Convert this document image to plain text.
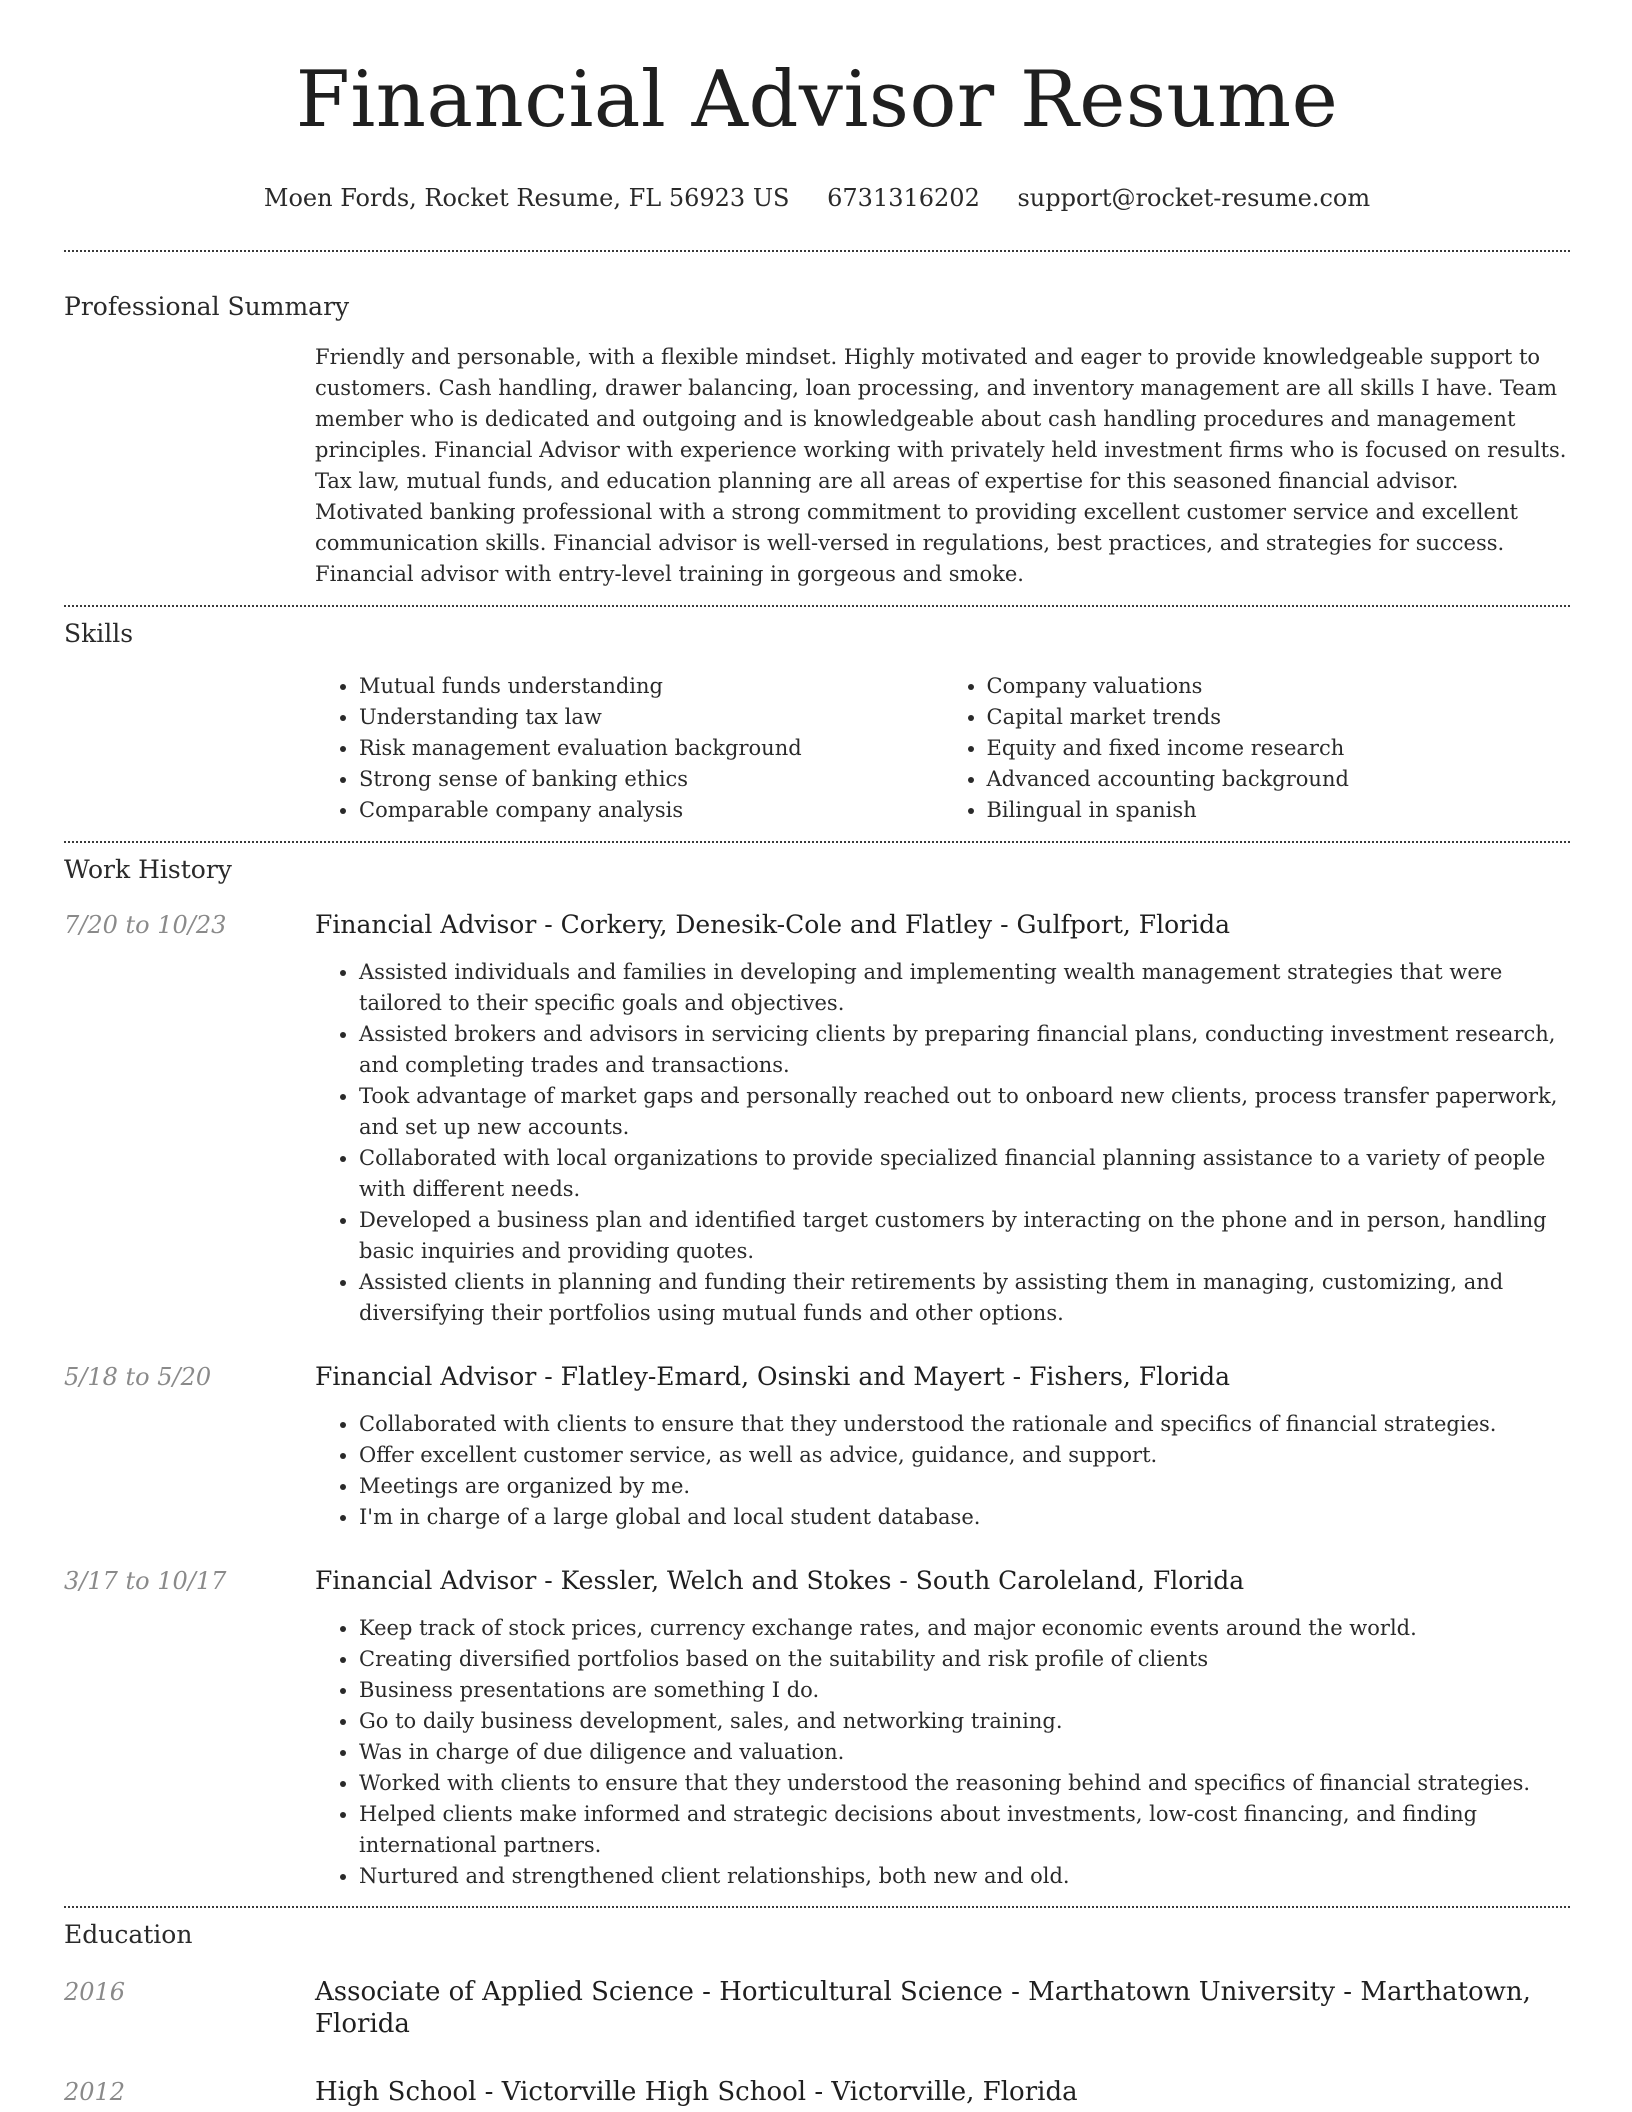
Financial Advisor Resume
Moen Fords, Rocket Resume, FL 56923 US 6731316202 support@rocket-resume.com
Professional Summary

Friendly and personable, with a flexible mindset. Highly motivated and eager to provide knowledgeable support to customers. Cash handling, drawer balancing, loan processing, and inventory management are all skills I have. Team member who is dedicated and outgoing and is knowledgeable about cash handling procedures and management principles. Financial Advisor with experience working with privately held investment firms who is focused on results. Tax law, mutual funds, and education planning are all areas of expertise for this seasoned financial advisor. Motivated banking professional with a strong commitment to providing excellent customer service and excellent communication skills. Financial advisor is well-versed in regulations, best practices, and strategies for success. Financial advisor with entry-level training in gorgeous and smoke.

Skills
• Mutual funds understanding
• Understanding tax law
• Risk management evaluation background
• Strong sense of banking ethics
• Comparable company analysis
• Company valuations
• Capital market trends
• Equity and fixed income research
• Advanced accounting background
• Bilingual in spanish
Work History
7/20 to 10/23	Financial Advisor - Corkery, Denesik-Cole and Flatley - Gulfport, Florida
• Assisted individuals and families in developing and implementing wealth management strategies that were tailored to their specific goals and objectives.
• Assisted brokers and advisors in servicing clients by preparing financial plans, conducting investment research, and completing trades and transactions.
• Took advantage of market gaps and personally reached out to onboard new clients, process transfer paperwork, and set up new accounts.
• Collaborated with local organizations to provide specialized financial planning assistance to a variety of people with different needs.
• Developed a business plan and identified target customers by interacting on the phone and in person, handling basic inquiries and providing quotes.
• Assisted clients in planning and funding their retirements by assisting them in managing, customizing, and diversifying their portfolios using mutual funds and other options.
5/18 to 5/20	Financial Advisor - Flatley-Emard, Osinski and Mayert - Fishers, Florida
• Collaborated with clients to ensure that they understood the rationale and specifics of financial strategies.
• Offer excellent customer service, as well as advice, guidance, and support.
• Meetings are organized by me.
• I'm in charge of a large global and local student database.
3/17 to 10/17	Financial Advisor - Kessler, Welch and Stokes - South Caroleland, Florida
• Keep track of stock prices, currency exchange rates, and major economic events around the world.
• Creating diversified portfolios based on the suitability and risk profile of clients
• Business presentations are something I do.
• Go to daily business development, sales, and networking training.
• Was in charge of due diligence and valuation.
• Worked with clients to ensure that they understood the reasoning behind and specifics of financial strategies.
• Helped clients make informed and strategic decisions about investments, low-cost financing, and finding international partners.
• Nurtured and strengthened client relationships, both new and old.
Education
2016	Associate of Applied Science - Horticultural Science - Marthatown University - Marthatown, Florida
2012	High School - Victorville High School - Victorville, Florida
